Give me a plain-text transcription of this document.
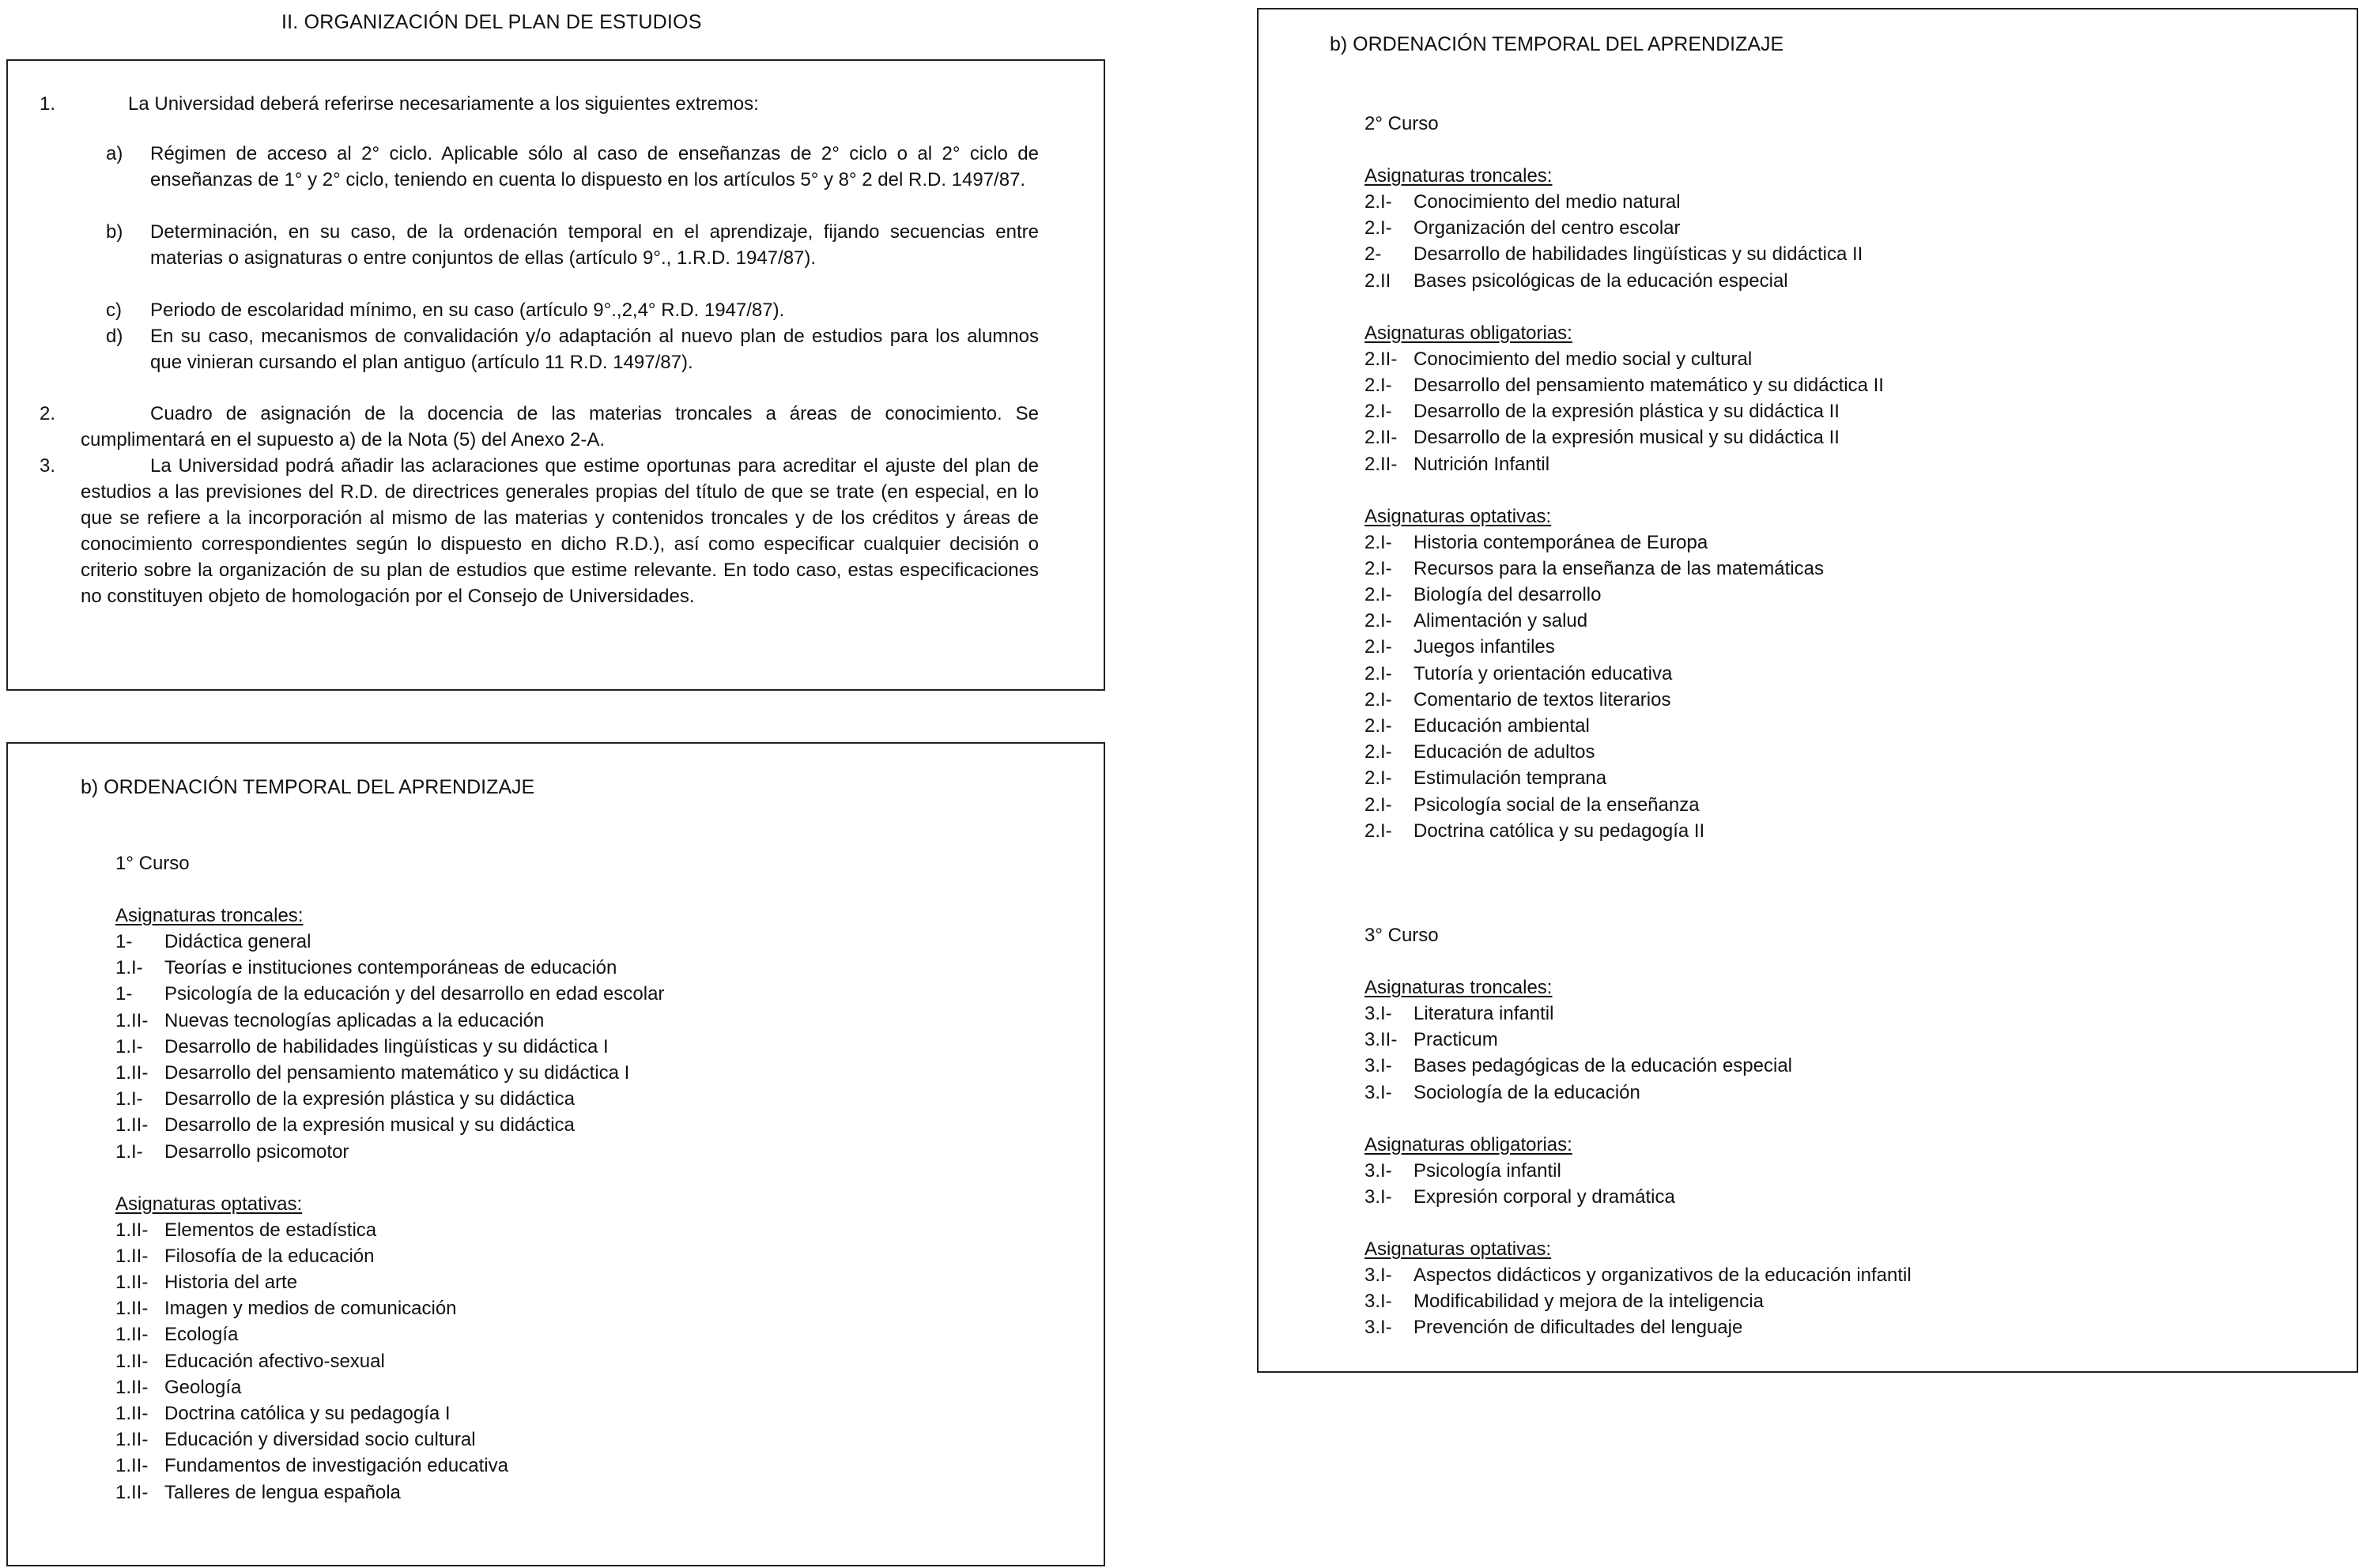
II. ORGANIZACIÓN DEL PLAN DE ESTUDIOS
1.	La Universidad deberá referirse necesariamente a los siguientes extremos:
a) Régimen de acceso al 2° ciclo. Aplicable sólo al caso de enseñanzas de 2° ciclo o al 2° ciclo de enseñanzas de 1° y 2° ciclo, teniendo en cuenta lo dispuesto en los artículos 5° y 8° 2 del R.D. 1497/87.
b) Determinación, en su caso, de la ordenación temporal en el aprendizaje, fijando secuencias entre materias o asignaturas o entre conjuntos de ellas (artículo 9°., 1.R.D. 1947/87).
c) Periodo de escolaridad mínimo, en su caso (artículo 9°.,2,4° R.D. 1947/87).
d) En su caso, mecanismos de convalidación y/o adaptación al nuevo plan de estudios para los alumnos que vinieran cursando el plan antiguo (artículo 11 R.D. 1497/87).
2.	Cuadro de asignación de la docencia de las materias troncales a áreas de conocimiento. Se cumplimentará en el supuesto a) de la Nota (5) del Anexo 2-A.
3.	La Universidad podrá añadir las aclaraciones que estime oportunas para acreditar el ajuste del plan de estudios a las previsiones del R.D. de directrices generales propias del título de que se trate (en especial, en lo que se refiere a la incorporación al mismo de las materias y contenidos troncales y de los créditos y áreas de conocimiento correspondientes según lo dispuesto en dicho R.D.), así como especificar cualquier decisión o criterio sobre la organización de su plan de estudios que estime relevante. En todo caso, estas especificaciones no constituyen objeto de homologación por el Consejo de Universidades.
b) ORDENACIÓN TEMPORAL DEL APRENDIZAJE
1° Curso
Asignaturas troncales:
1-	Didáctica general
1.I-	Teorías e instituciones contemporáneas de educación
1-	Psicología de la educación y del desarrollo en edad escolar
1.II- Nuevas tecnologías aplicadas a la educación
1.I-	Desarrollo de habilidades lingüísticas y su didáctica I
1.II- Desarrollo del pensamiento matemático y su didáctica I
1.I-	Desarrollo de la expresión plástica y su didáctica
1.II- Desarrollo de la expresión musical y su didáctica
1.I-	Desarrollo psicomotor
Asignaturas optativas:
1.II- Elementos de estadística
1.II- Filosofía de la educación
1.II- Historia del arte
1.II- Imagen y medios de comunicación
1.II- Ecología
1.II- Educación afectivo-sexual
1.II- Geología
1.II- Doctrina católica y su pedagogía I
1.II- Educación y diversidad socio cultural
1.II- Fundamentos de investigación educativa
1.II- Talleres de lengua española
b) ORDENACIÓN TEMPORAL DEL APRENDIZAJE
2° Curso
Asignaturas troncales:
2.I-	Conocimiento del medio natural
2.I-	Organización del centro escolar
2-	Desarrollo de habilidades lingüísticas y su didáctica II
2.II	Bases psicológicas de la educación especial
Asignaturas obligatorias:
2.II- Conocimiento del medio social y cultural
2.I-	Desarrollo del pensamiento matemático y su didáctica II
2.I-	Desarrollo de la expresión plástica y su didáctica II
2.II- Desarrollo de la expresión musical y su didáctica II
2.II- Nutrición Infantil
Asignaturas optativas:
2.I-	Historia contemporánea de Europa
2.I-	Recursos para la enseñanza de las matemáticas
2.I-	Biología del desarrollo
2.I-	Alimentación y salud
2.I-	Juegos infantiles
2.I-	Tutoría y orientación educativa
2.I-	Comentario de textos literarios
2.I-	Educación ambiental
2.I-	Educación de adultos
2.I-	Estimulación temprana
2.I-	Psicología social de la enseñanza
2.I-	Doctrina católica y su pedagogía II
3° Curso
Asignaturas troncales:
3.I-	Literatura infantil
3.II- Practicum
3.I-	Bases pedagógicas de la educación especial
3.I-	Sociología de la educación
Asignaturas obligatorias:
3.I-	Psicología infantil
3.I-	Expresión corporal y dramática
Asignaturas optativas:
3.I-	Aspectos didácticos y organizativos de la educación infantil
3.I-	Modificabilidad y mejora de la inteligencia
3.I-	Prevención de dificultades del lenguaje
